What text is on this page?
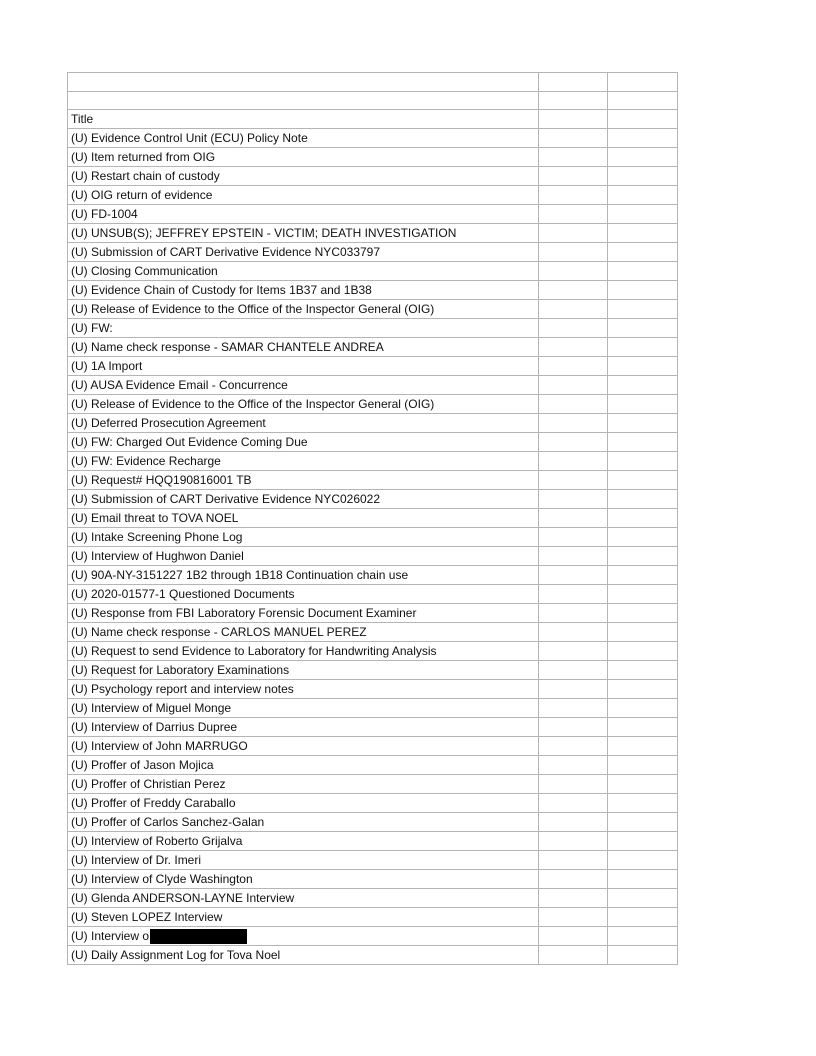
Title		
(U) Evidence Control Unit (ECU) Policy Note		
(U) Item returned from OIG		
(U) Restart chain of custody		
(U) OIG return of evidence		
(U) FD-1004		
(U) UNSUB(S); JEFFREY EPSTEIN - VICTIM; DEATH INVESTIGATION		
(U) Submission of CART Derivative Evidence NYC033797		
(U) Closing Communication		
(U) Evidence Chain of Custody for Items 1B37 and 1B38		
(U) Release of Evidence to the Office of the Inspector General (OIG)		
(U) FW:		
(U) Name check response - SAMAR CHANTELE ANDREA		
(U) 1A Import		
(U) AUSA Evidence Email - Concurrence		
(U) Release of Evidence to the Office of the Inspector General (OIG)		
(U) Deferred Prosecution Agreement		
(U) FW: Charged Out Evidence Coming Due		
(U) FW: Evidence Recharge		
(U) Request# HQQ190816001 TB		
(U) Submission of CART Derivative Evidence NYC026022		
(U) Email threat to TOVA NOEL		
(U) Intake Screening Phone Log		
(U) Interview of Hughwon Daniel		
(U) 90A-NY-3151227 1B2 through 1B18 Continuation chain use		
(U) 2020-01577-1 Questioned Documents		
(U) Response from FBI Laboratory Forensic Document Examiner		
(U) Name check response - CARLOS MANUEL PEREZ		
(U) Request to send Evidence to Laboratory for Handwriting Analysis		
(U) Request for Laboratory Examinations		
(U) Psychology report and interview notes		
(U) Interview of Miguel Monge		
(U) Interview of Darrius Dupree		
(U) Interview of John MARRUGO		
(U) Proffer of Jason Mojica		
(U) Proffer of Christian Perez		
(U) Proffer of Freddy Caraballo		
(U) Proffer of Carlos Sanchez-Galan		
(U) Interview of Roberto Grijalva		
(U) Interview of Dr. Imeri		
(U) Interview of Clyde Washington		
(U) Glenda ANDERSON-LAYNE Interview		
(U) Steven LOPEZ Interview		
(U) Interview o		
(U) Daily Assignment Log for Tova Noel		
